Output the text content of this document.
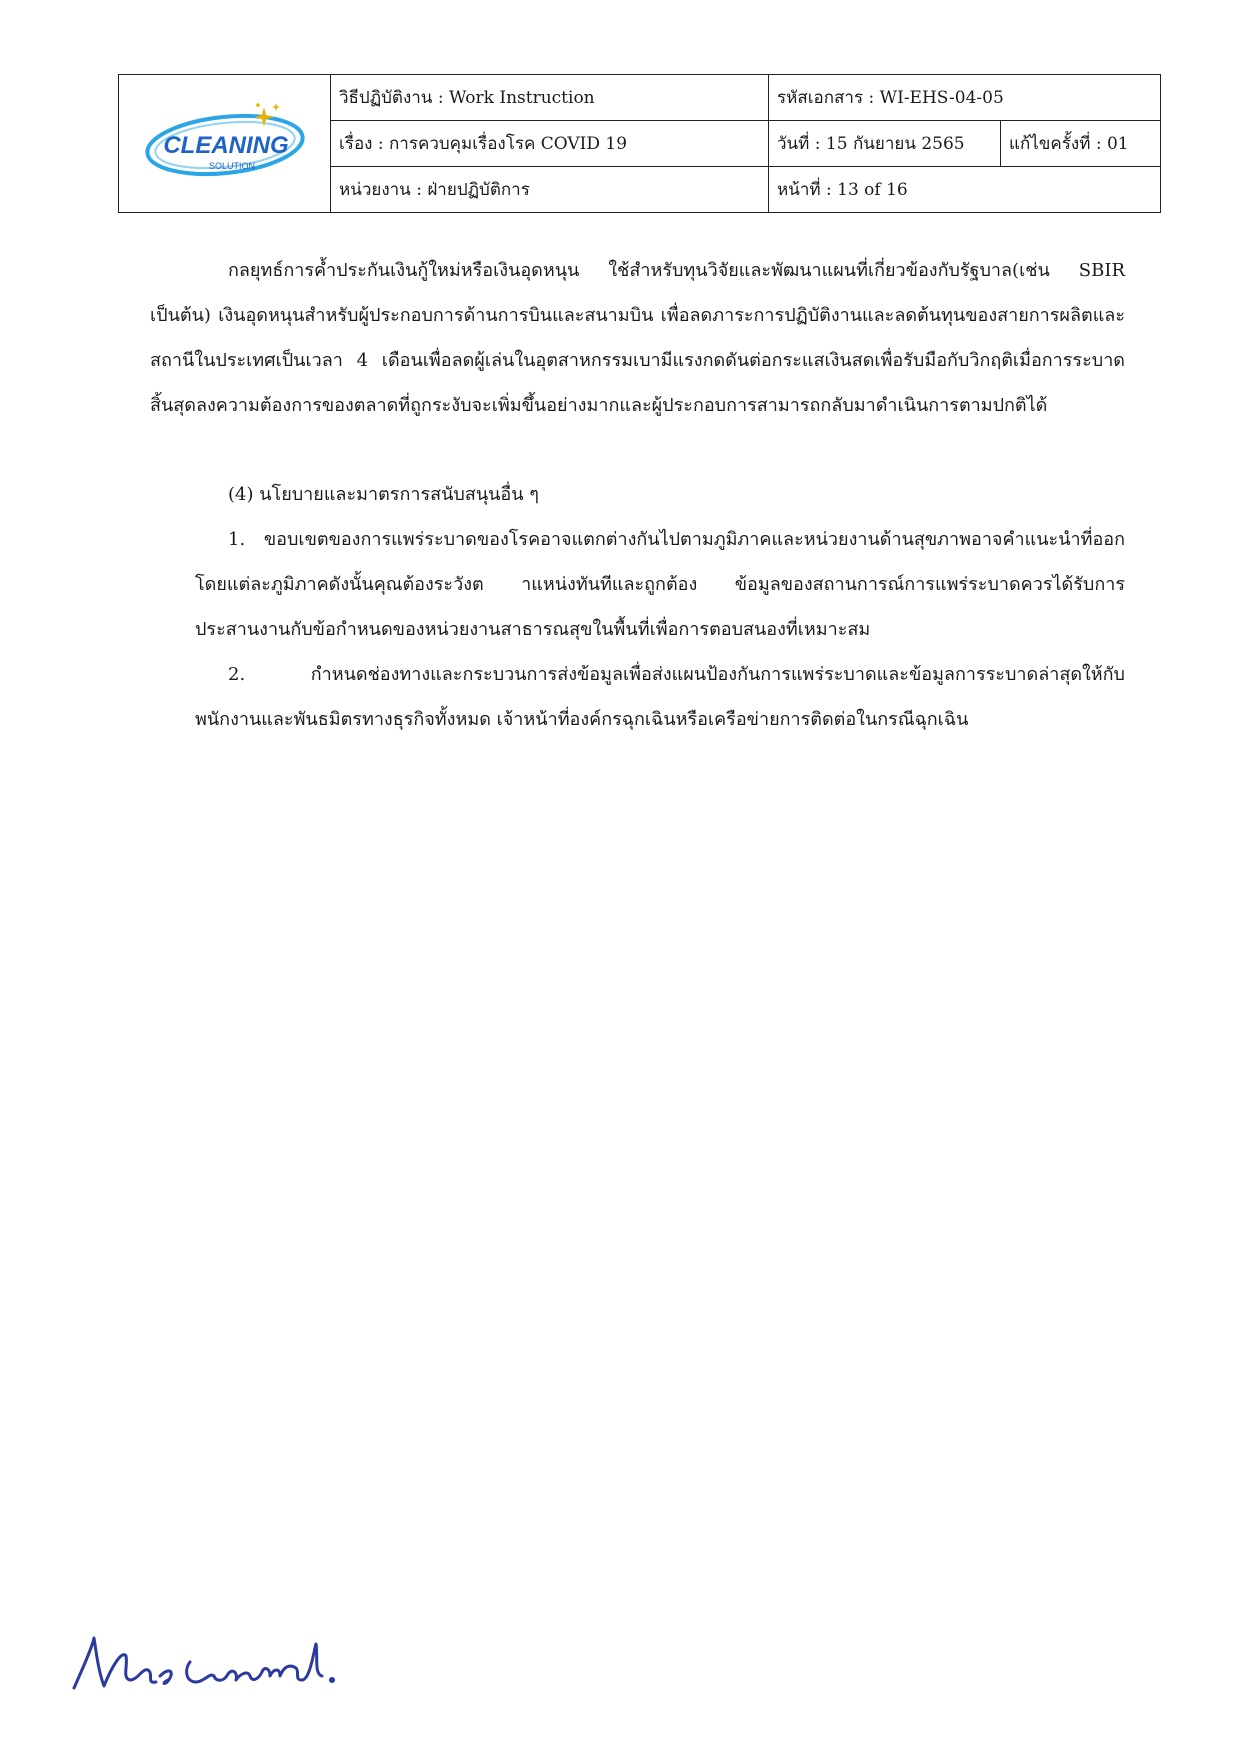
CLEANING
SOLUTION	วิธีปฏิบัติงาน : Work Instruction	รหัสเอกสาร : WI-EHS-04-05	
	เรื่อง : การควบคุมเรื่องโรค COVID 19	วันที่ : 15 กันยายน 2565	แก้ไขครั้งที่ : 01
	หน่วยงาน : ฝ่ายปฏิบัติการ	หน้าที่ : 13 of 16	

กลยุทธ์การค้ำประกันเงินกู้ใหม่หรือเงินอุดหนุน ใช้สำหรับทุนวิจัยและพัฒนาแผนที่เกี่ยวข้องกับรัฐบาล(เช่น SBIR เป็นต้น) เงินอุดหนุนสำหรับผู้ประกอบการด้านการบินและสนามบิน เพื่อลดภาระการปฏิบัติงานและลดต้นทุนของสายการผลิตและสถานีในประเทศเป็นเวลา 4 เดือนเพื่อลดผู้เล่นในอุตสาหกรรมเบามีแรงกดดันต่อกระแสเงินสดเพื่อรับมือกับวิกฤติเมื่อการระบาดสิ้นสุดลงความต้องการของตลาดที่ถูกระงับจะเพิ่มขึ้นอย่างมากและผู้ประกอบการสามารถกลับมาดำเนินการตามปกติได้

(4) นโยบายและมาตรการสนับสนุนอื่น ๆ

1. ขอบเขตของการแพร่ระบาดของโรคอาจแตกต่างกันไปตามภูมิภาคและหน่วยงานด้านสุขภาพอาจคำแนะนำที่ออกโดยแต่ละภูมิภาคดังนั้นคุณต้องระวังต าแหน่งทันทีและถูกต้อง ข้อมูลของสถานการณ์การแพร่ระบาดควรได้รับการประสานงานกับข้อกำหนดของหน่วยงานสาธารณสุขในพื้นที่เพื่อการตอบสนองที่เหมาะสม

2. กำหนดช่องทางและกระบวนการส่งข้อมูลเพื่อส่งแผนป้องกันการแพร่ระบาดและข้อมูลการระบาดล่าสุดให้กับพนักงานและพันธมิตรทางธุรกิจทั้งหมด เจ้าหน้าที่องค์กรฉุกเฉินหรือเครือข่ายการติดต่อในกรณีฉุกเฉิน
